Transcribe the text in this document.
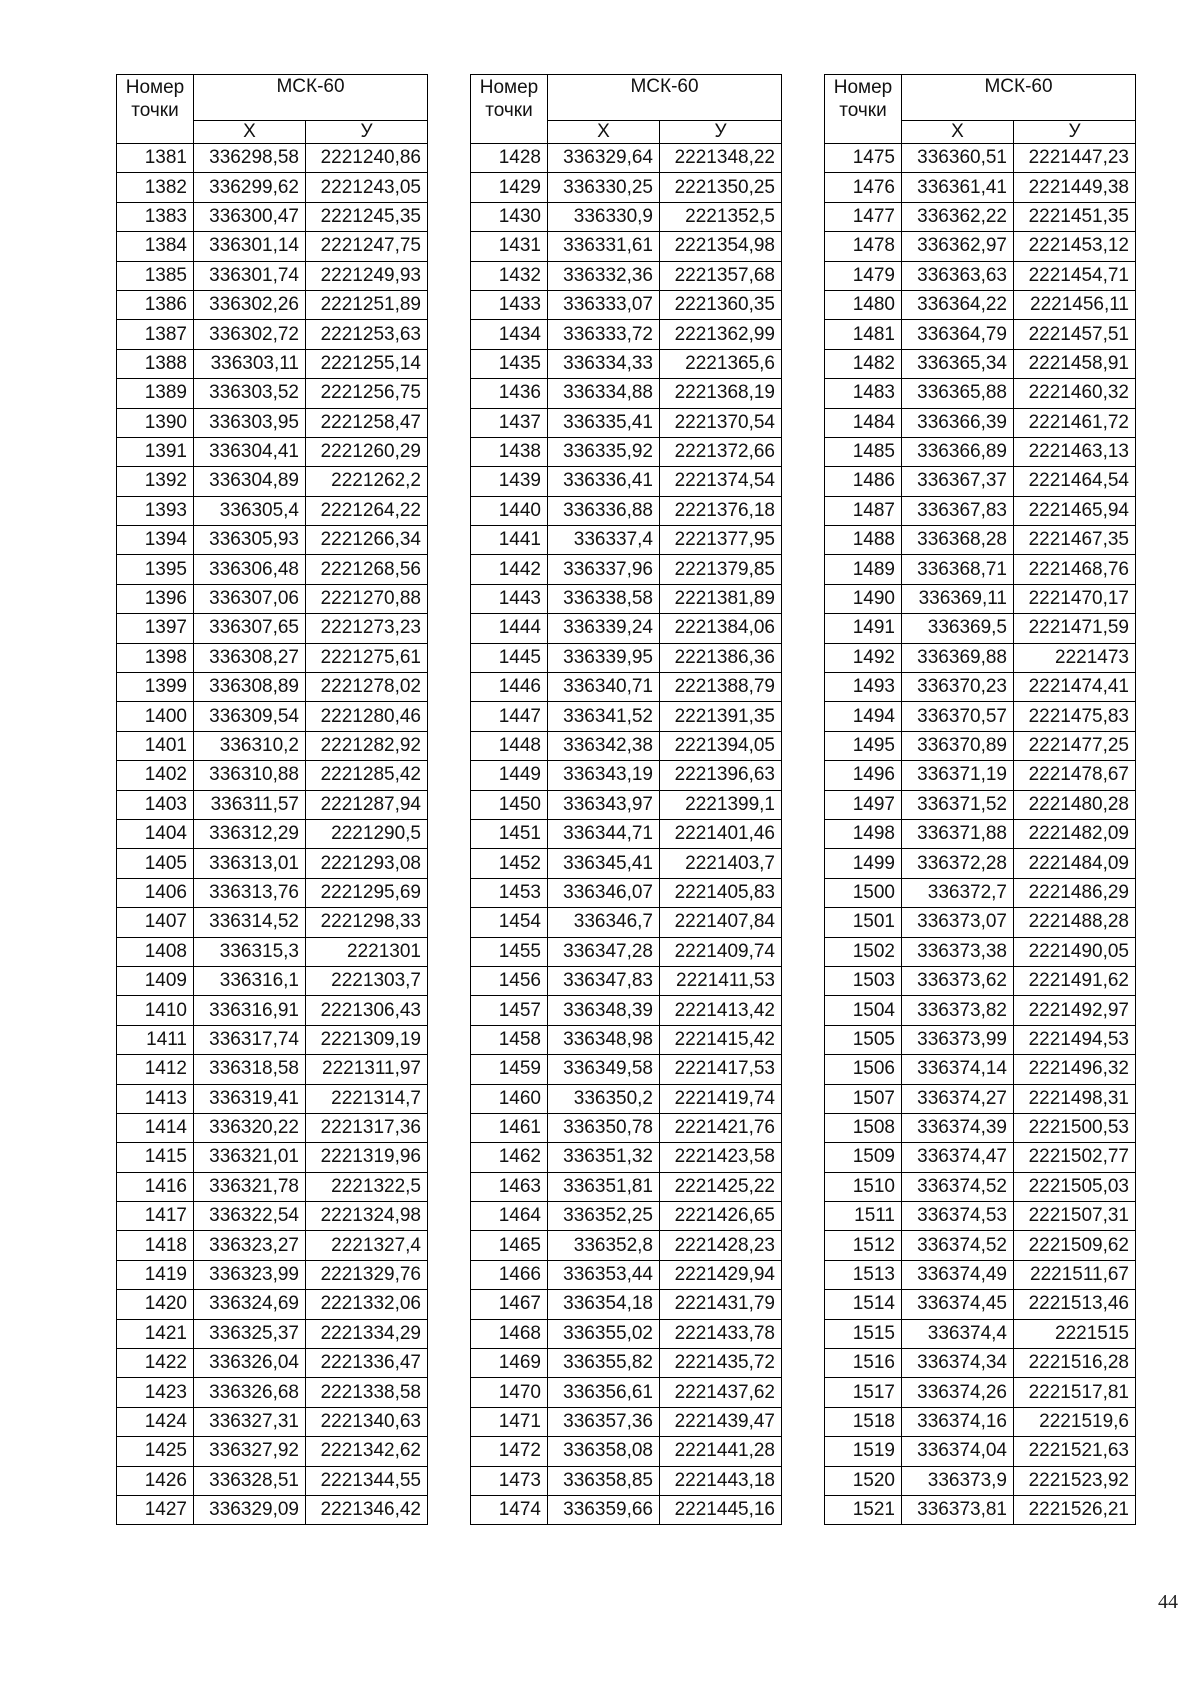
Номер точки	МСК-60	
	Х	У
1381	336298,58	2221240,86
1382	336299,62	2221243,05
1383	336300,47	2221245,35
1384	336301,14	2221247,75
1385	336301,74	2221249,93
1386	336302,26	2221251,89
1387	336302,72	2221253,63
1388	336303,11	2221255,14
1389	336303,52	2221256,75
1390	336303,95	2221258,47
1391	336304,41	2221260,29
1392	336304,89	2221262,2
1393	336305,4	2221264,22
1394	336305,93	2221266,34
1395	336306,48	2221268,56
1396	336307,06	2221270,88
1397	336307,65	2221273,23
1398	336308,27	2221275,61
1399	336308,89	2221278,02
1400	336309,54	2221280,46
1401	336310,2	2221282,92
1402	336310,88	2221285,42
1403	336311,57	2221287,94
1404	336312,29	2221290,5
1405	336313,01	2221293,08
1406	336313,76	2221295,69
1407	336314,52	2221298,33
1408	336315,3	2221301
1409	336316,1	2221303,7
1410	336316,91	2221306,43
1411	336317,74	2221309,19
1412	336318,58	2221311,97
1413	336319,41	2221314,7
1414	336320,22	2221317,36
1415	336321,01	2221319,96
1416	336321,78	2221322,5
1417	336322,54	2221324,98
1418	336323,27	2221327,4
1419	336323,99	2221329,76
1420	336324,69	2221332,06
1421	336325,37	2221334,29
1422	336326,04	2221336,47
1423	336326,68	2221338,58
1424	336327,31	2221340,63
1425	336327,92	2221342,62
1426	336328,51	2221344,55
1427	336329,09	2221346,42
Номер точки	МСК-60	
	Х	У
1428	336329,64	2221348,22
1429	336330,25	2221350,25
1430	336330,9	2221352,5
1431	336331,61	2221354,98
1432	336332,36	2221357,68
1433	336333,07	2221360,35
1434	336333,72	2221362,99
1435	336334,33	2221365,6
1436	336334,88	2221368,19
1437	336335,41	2221370,54
1438	336335,92	2221372,66
1439	336336,41	2221374,54
1440	336336,88	2221376,18
1441	336337,4	2221377,95
1442	336337,96	2221379,85
1443	336338,58	2221381,89
1444	336339,24	2221384,06
1445	336339,95	2221386,36
1446	336340,71	2221388,79
1447	336341,52	2221391,35
1448	336342,38	2221394,05
1449	336343,19	2221396,63
1450	336343,97	2221399,1
1451	336344,71	2221401,46
1452	336345,41	2221403,7
1453	336346,07	2221405,83
1454	336346,7	2221407,84
1455	336347,28	2221409,74
1456	336347,83	2221411,53
1457	336348,39	2221413,42
1458	336348,98	2221415,42
1459	336349,58	2221417,53
1460	336350,2	2221419,74
1461	336350,78	2221421,76
1462	336351,32	2221423,58
1463	336351,81	2221425,22
1464	336352,25	2221426,65
1465	336352,8	2221428,23
1466	336353,44	2221429,94
1467	336354,18	2221431,79
1468	336355,02	2221433,78
1469	336355,82	2221435,72
1470	336356,61	2221437,62
1471	336357,36	2221439,47
1472	336358,08	2221441,28
1473	336358,85	2221443,18
1474	336359,66	2221445,16
Номер точки	МСК-60	
	Х	У
1475	336360,51	2221447,23
1476	336361,41	2221449,38
1477	336362,22	2221451,35
1478	336362,97	2221453,12
1479	336363,63	2221454,71
1480	336364,22	2221456,11
1481	336364,79	2221457,51
1482	336365,34	2221458,91
1483	336365,88	2221460,32
1484	336366,39	2221461,72
1485	336366,89	2221463,13
1486	336367,37	2221464,54
1487	336367,83	2221465,94
1488	336368,28	2221467,35
1489	336368,71	2221468,76
1490	336369,11	2221470,17
1491	336369,5	2221471,59
1492	336369,88	2221473
1493	336370,23	2221474,41
1494	336370,57	2221475,83
1495	336370,89	2221477,25
1496	336371,19	2221478,67
1497	336371,52	2221480,28
1498	336371,88	2221482,09
1499	336372,28	2221484,09
1500	336372,7	2221486,29
1501	336373,07	2221488,28
1502	336373,38	2221490,05
1503	336373,62	2221491,62
1504	336373,82	2221492,97
1505	336373,99	2221494,53
1506	336374,14	2221496,32
1507	336374,27	2221498,31
1508	336374,39	2221500,53
1509	336374,47	2221502,77
1510	336374,52	2221505,03
1511	336374,53	2221507,31
1512	336374,52	2221509,62
1513	336374,49	2221511,67
1514	336374,45	2221513,46
1515	336374,4	2221515
1516	336374,34	2221516,28
1517	336374,26	2221517,81
1518	336374,16	2221519,6
1519	336374,04	2221521,63
1520	336373,9	2221523,92
1521	336373,81	2221526,21
44
